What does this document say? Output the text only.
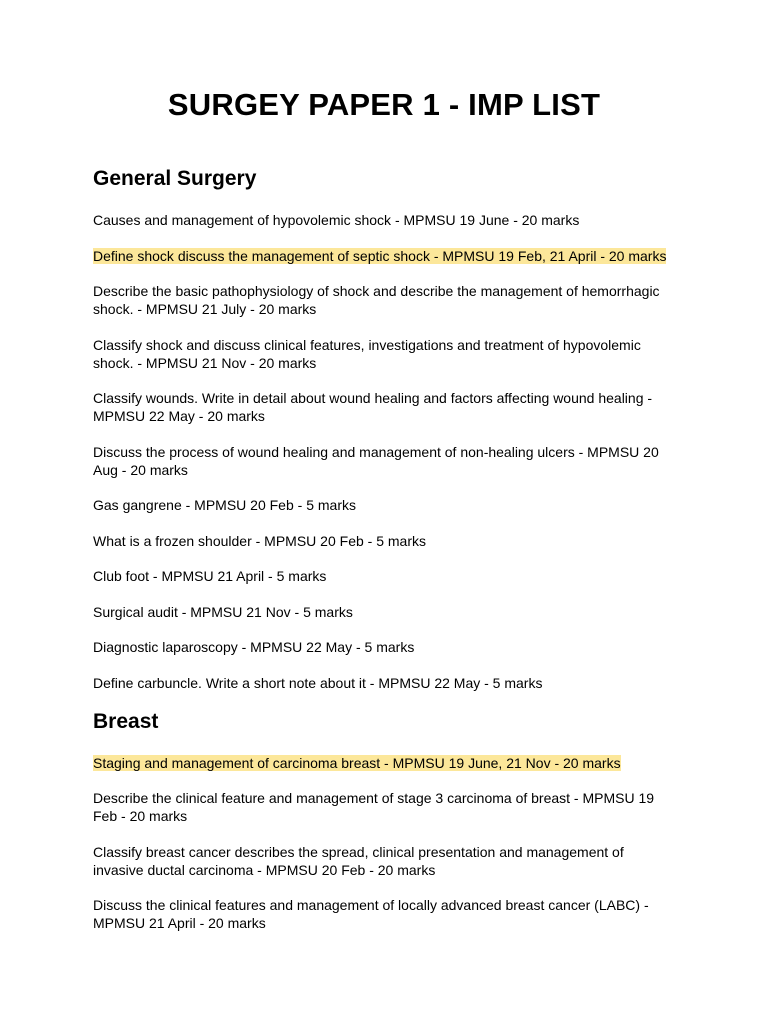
SURGEY PAPER 1 - IMP LIST
General Surgery
Causes and management of hypovolemic shock - MPMSU 19 June - 20 marks
Define shock discuss the management of septic shock - MPMSU 19 Feb, 21 April - 20 marks
Describe the basic pathophysiology of shock and describe the management of hemorrhagic shock. - MPMSU 21 July - 20 marks
Classify shock and discuss clinical features, investigations and treatment of hypovolemic shock. - MPMSU 21 Nov - 20 marks
Classify wounds. Write in detail about wound healing and factors affecting wound healing - MPMSU 22 May - 20 marks
Discuss the process of wound healing and management of non-healing ulcers - MPMSU 20 Aug - 20 marks
Gas gangrene - MPMSU 20 Feb - 5 marks
What is a frozen shoulder - MPMSU 20 Feb - 5 marks
Club foot - MPMSU 21 April - 5 marks
Surgical audit - MPMSU 21 Nov - 5 marks
Diagnostic laparoscopy - MPMSU 22 May - 5 marks
Define carbuncle. Write a short note about it - MPMSU 22 May - 5 marks
Breast
Staging and management of carcinoma breast - MPMSU 19 June, 21 Nov - 20 marks
Describe the clinical feature and management of stage 3 carcinoma of breast - MPMSU 19 Feb - 20 marks
Classify breast cancer describes the spread, clinical presentation and management of invasive ductal carcinoma - MPMSU 20 Feb - 20 marks
Discuss the clinical features and management of locally advanced breast cancer (LABC) - MPMSU 21 April - 20 marks
